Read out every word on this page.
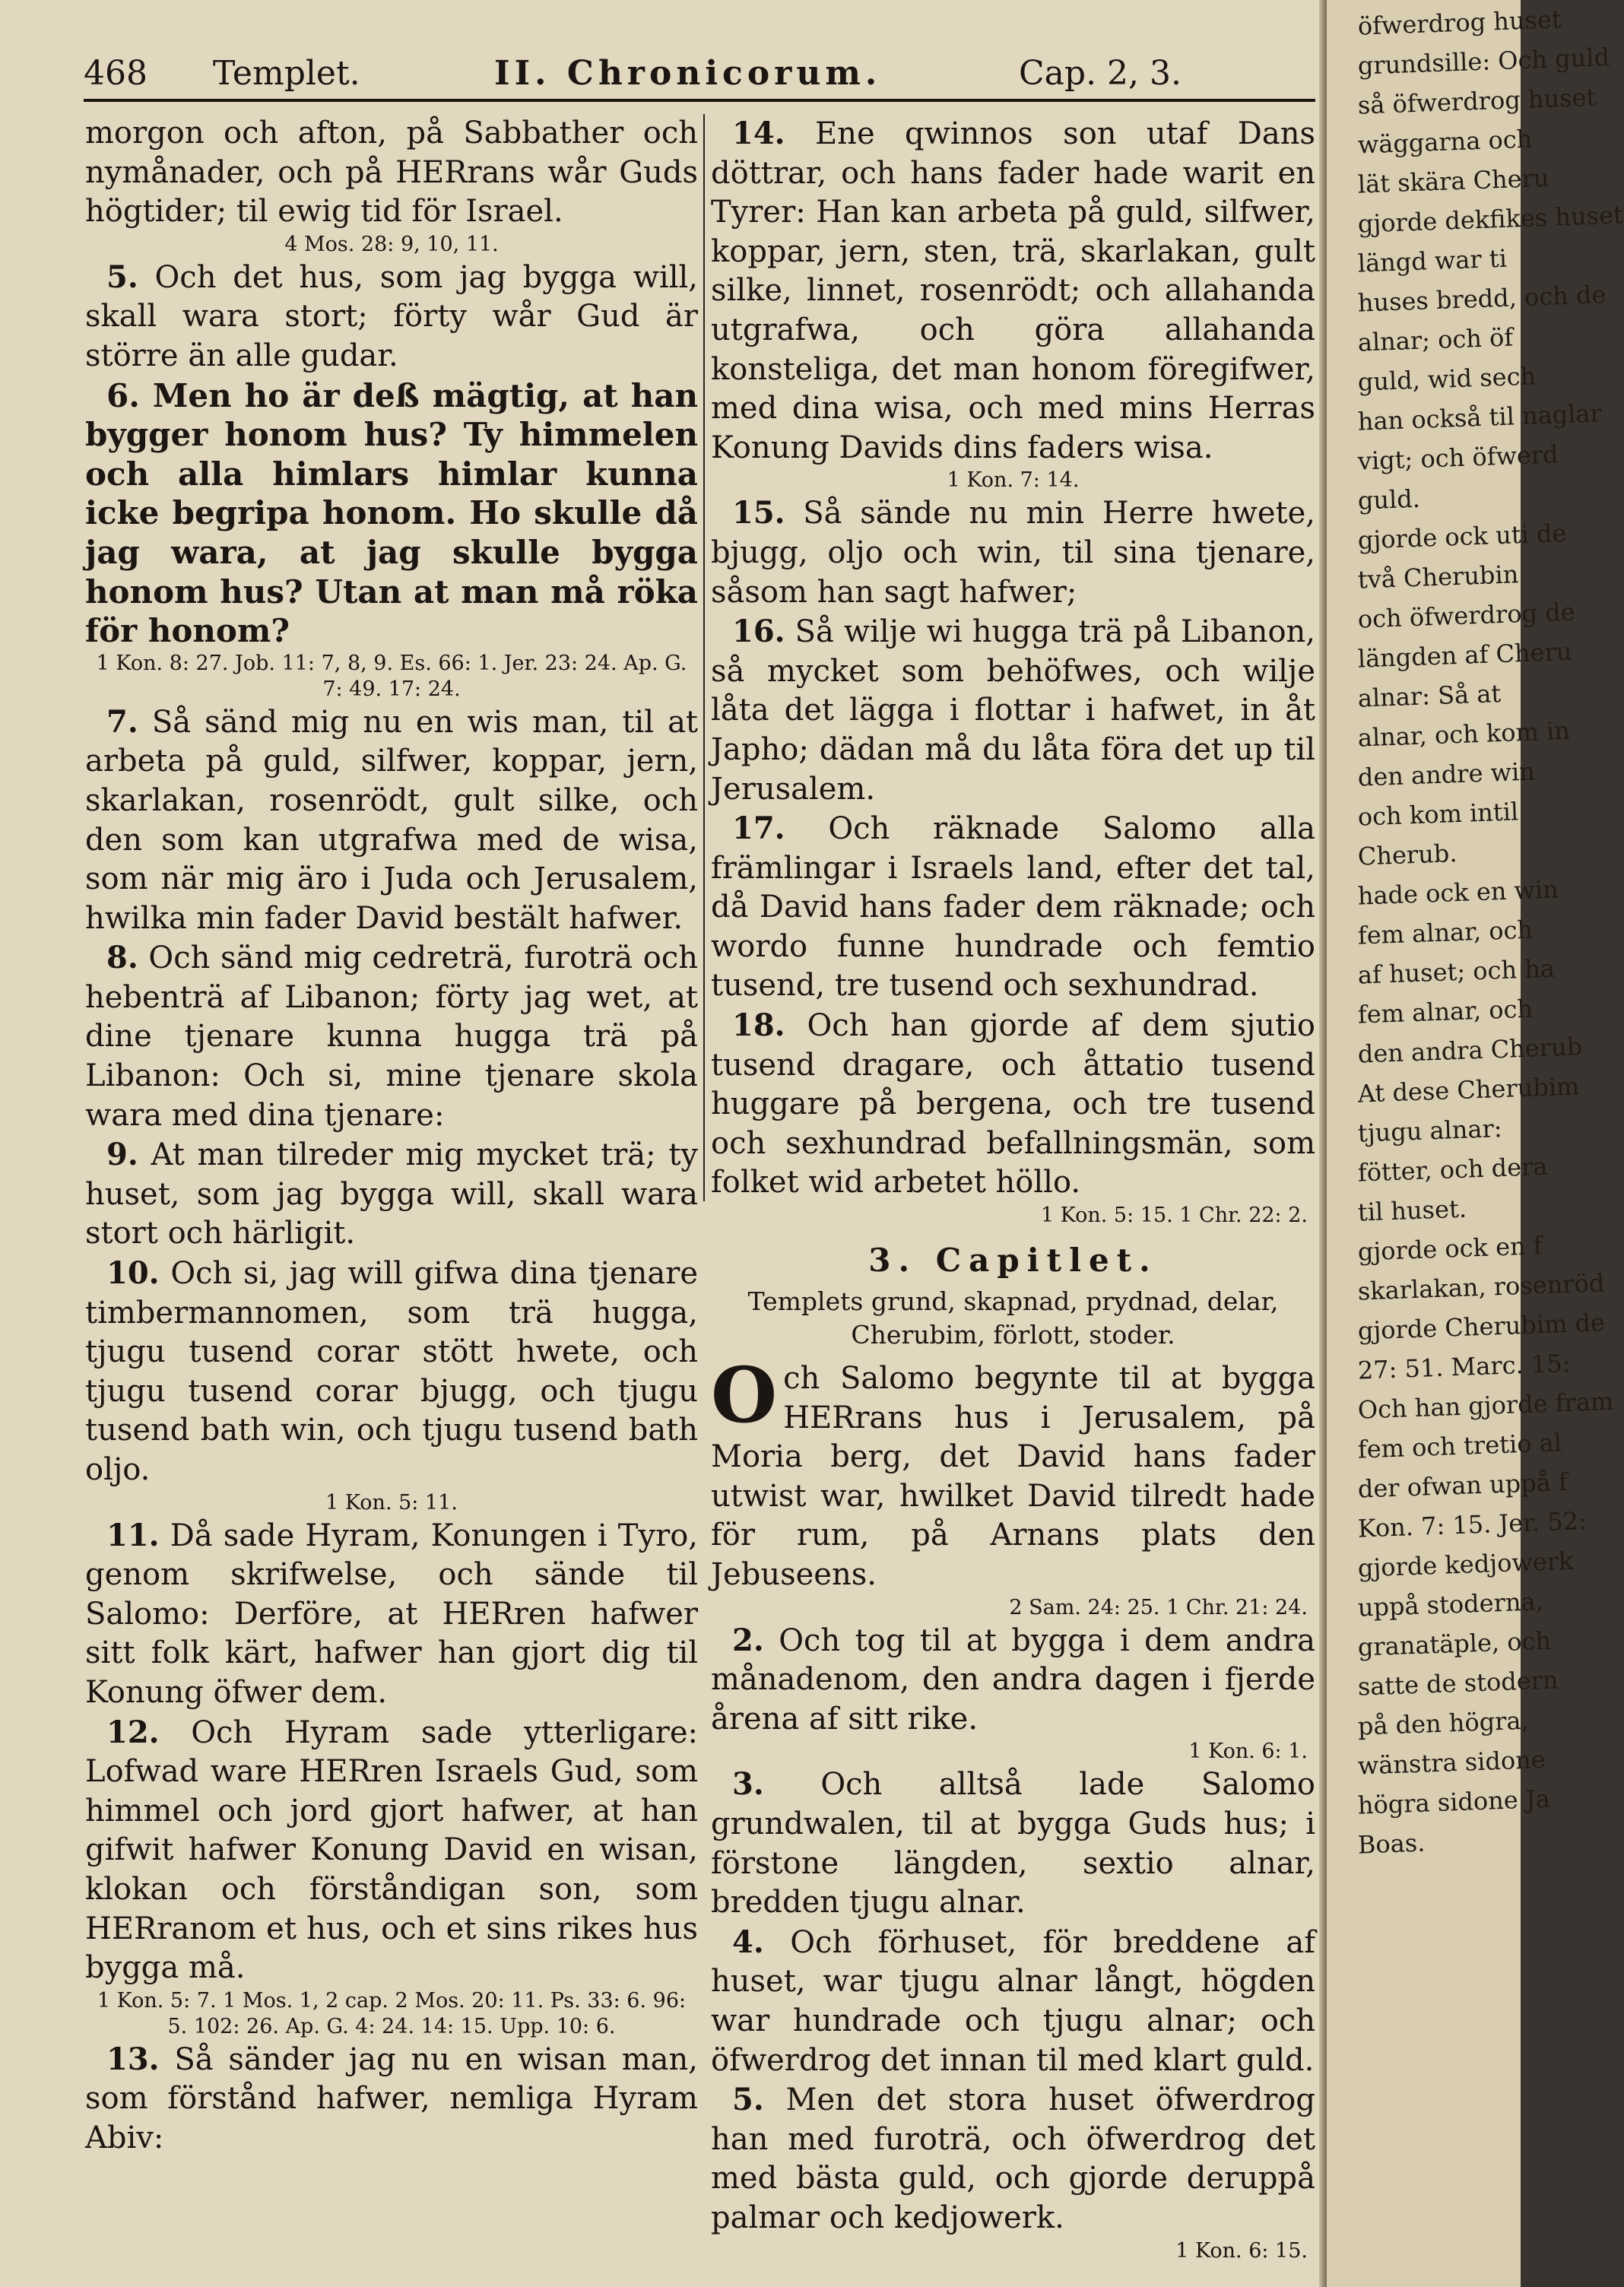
468 Templet.	II. Chronicorum.	Cap. 2, 3.

morgon och afton, på Sabbather och nymånader, och på HERrans wår Guds högtider; til ewig tid för Israel.

4 Mos. 28: 9, 10, 11.

5. Och det hus, som jag bygga will, skall wara stort; förty wår Gud är större än alle gudar.

6. Men ho är deß mägtig, at han bygger honom hus? Ty himmelen och alla himlars himlar kunna icke begripa honom. Ho skulle då jag wara, at jag skulle bygga honom hus? Utan at man må röka för honom?

1 Kon. 8: 27. Job. 11: 7, 8, 9. Es. 66: 1. Jer. 23: 24. Ap. G. 7: 49. 17: 24.

7. Så sänd mig nu en wis man, til at arbeta på guld, silfwer, koppar, jern, skarlakan, rosenrödt, gult silke, och den som kan utgrafwa med de wisa, som när mig äro i Juda och Jerusalem, hwilka min fader David bestält hafwer.

8. Och sänd mig cedreträ, furoträ och hebenträ af Libanon; förty jag wet, at dine tjenare kunna hugga trä på Libanon: Och si, mine tjenare skola wara med dina tjenare:

9. At man tilreder mig mycket trä; ty huset, som jag bygga will, skall wara stort och härligit.

10. Och si, jag will gifwa dina tjenare timbermannomen, som trä hugga, tjugu tusend corar stött hwete, och tjugu tusend corar bjugg, och tjugu tusend bath win, och tjugu tusend bath oljo.

1 Kon. 5: 11.

11. Då sade Hyram, Konungen i Tyro, genom skrifwelse, och sände til Salomo: Derföre, at HERren hafwer sitt folk kärt, hafwer han gjort dig til Konung öfwer dem.

12. Och Hyram sade ytterligare: Lofwad ware HERren Israels Gud, som himmel och jord gjort hafwer, at han gifwit hafwer Konung David en wisan, klokan och förståndigan son, som HERranom et hus, och et sins rikes hus bygga må.

1 Kon. 5: 7. 1 Mos. 1, 2 cap. 2 Mos. 20: 11. Ps. 33: 6. 96: 5. 102: 26. Ap. G. 4: 24. 14: 15. Upp. 10: 6.

13. Så sänder jag nu en wisan man, som förstånd hafwer, nemliga Hyram Abiv:

14. Ene qwinnos son utaf Dans döttrar, och hans fader hade warit en Tyrer: Han kan arbeta på guld, silfwer, koppar, jern, sten, trä, skarlakan, gult silke, linnet, rosenrödt; och allahanda utgrafwa, och göra allahanda konsteliga, det man honom föregifwer, med dina wisa, och med mins Herras Konung Davids dins faders wisa.

1 Kon. 7: 14.

15. Så sände nu min Herre hwete, bjugg, oljo och win, til sina tjenare, såsom han sagt hafwer;

16. Så wilje wi hugga trä på Libanon, så mycket som behöfwes, och wilje låta det lägga i flottar i hafwet, in åt Japho; dädan må du låta föra det up til Jerusalem.

17. Och räknade Salomo alla främlingar i Israels land, efter det tal, då David hans fader dem räknade; och wordo funne hundrade och femtio tusend, tre tusend och sexhundrad.

18. Och han gjorde af dem sjutio tusend dragare, och åttatio tusend huggare på bergena, och tre tusend och sexhundrad befallningsmän, som folket wid arbetet höllo.

1 Kon. 5: 15. 1 Chr. 22: 2.

3. Capitlet.

Templets grund, skapnad, prydnad, delar, Cherubim, förlott, stoder.

Och Salomo begynte til at bygga HERrans hus i Jerusalem, på Moria berg, det David hans fader utwist war, hwilket David tilredt hade för rum, på Arnans plats den Jebuseens.

2 Sam. 24: 25. 1 Chr. 21: 24.

2. Och tog til at bygga i dem andra månadenom, den andra dagen i fjerde årena af sitt rike.

1 Kon. 6: 1.

3. Och alltså lade Salomo grundwalen, til at bygga Guds hus; i förstone längden, sextio alnar, bredden tjugu alnar.

4. Och förhuset, för breddene af huset, war tjugu alnar långt, högden war hundrade och tjugu alnar; och öfwerdrog det innan til med klart guld.

5. Men det stora huset öfwerdrog han med furoträ, och öfwerdrog det med bästa guld, och gjorde deruppå palmar och kedjowerk.

1 Kon. 6: 15.

öfwerdrog huset
grundsille: Och guld
så öfwerdrog huset
wäggarna och
lät skära Cheru
gjorde dekfikes huset
längd war ti
huses bredd, och de
alnar; och öf
guld, wid sech
han också til naglar
vigt; och öfwerd
guld.
gjorde ock uti de
två Cherubin
och öfwerdrog de
längden af Cheru
alnar: Så at
alnar, och kom in
den andre win
och kom intil
Cherub.
hade ock en win
fem alnar, och
af huset; och ha
fem alnar, och
den andra Cherub
At dese Cherubim
tjugu alnar:
fötter, och dera
til huset.
gjorde ock en f
skarlakan, rosenröd
gjorde Cherubim de
27: 51. Marc. 15:
Och han gjorde fram
fem och tretio al
der ofwan uppå f
Kon. 7: 15. Jer. 52:
gjorde kedjowerk
uppå stoderna,
granatäple, och
satte de stodern
på den högra,
wänstra sidone
högra sidone Ja
Boas.
